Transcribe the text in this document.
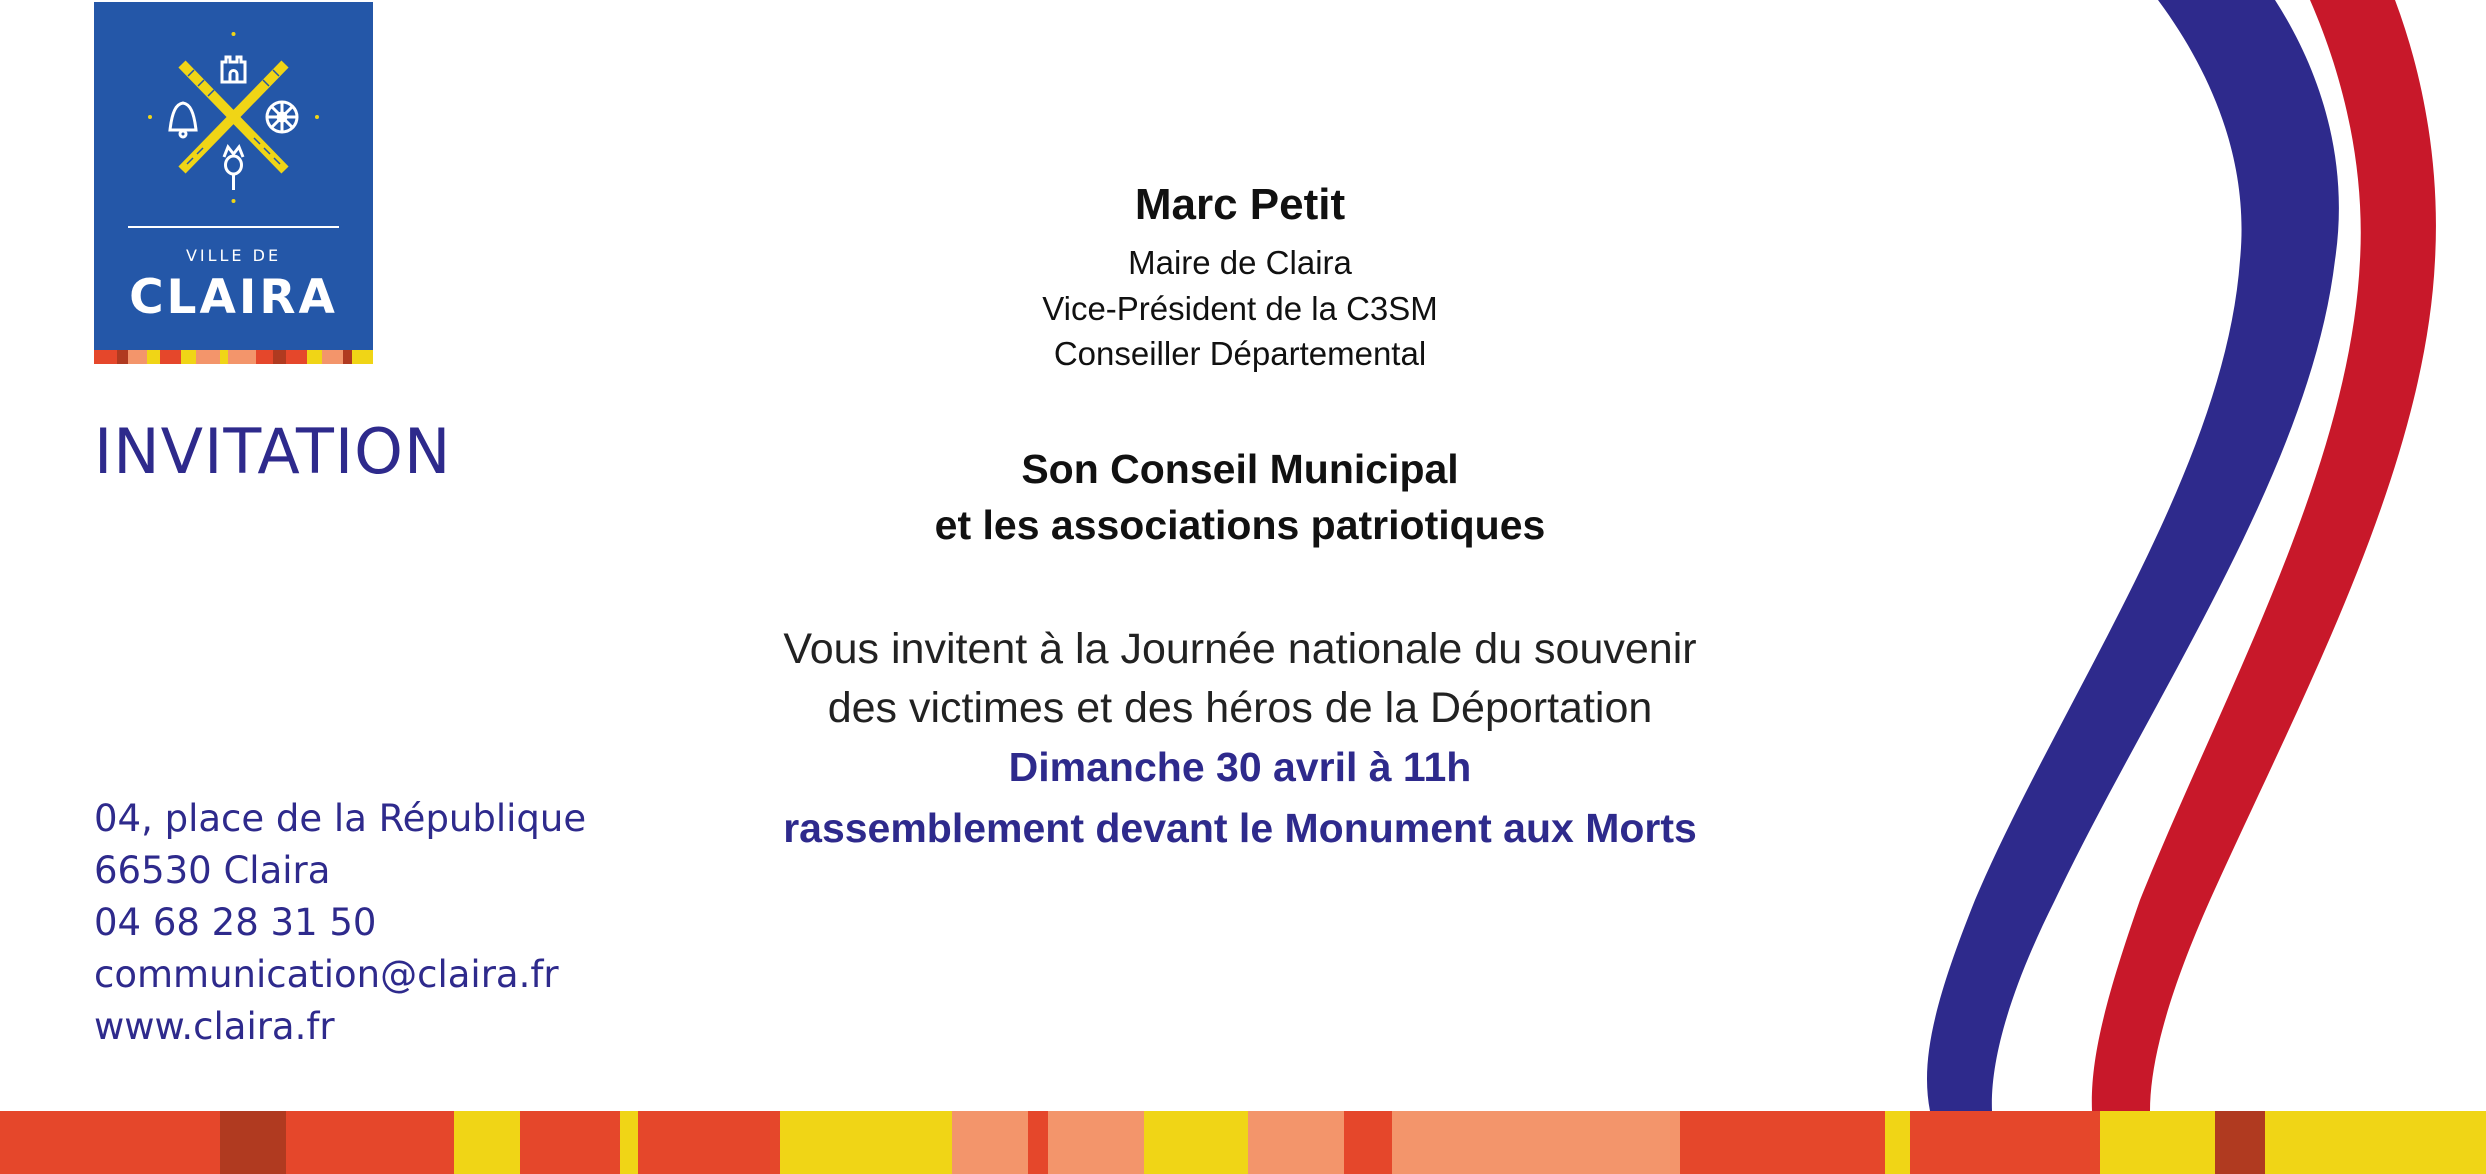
VILLE DE
CLAIRA
INVITATION
Marc Petit
Maire de Claira
Vice-Président de la C3SM
Conseiller Départemental
Son Conseil Municipal
et les associations patriotiques
Vous invitent à la Journée nationale du souvenir
des victimes et des héros de la Déportation
Dimanche 30 avril à 11h
rassemblement devant le Monument aux Morts
04, place de la République
66530 Claira
04 68 28 31 50
communication@claira.fr
www.claira.fr
